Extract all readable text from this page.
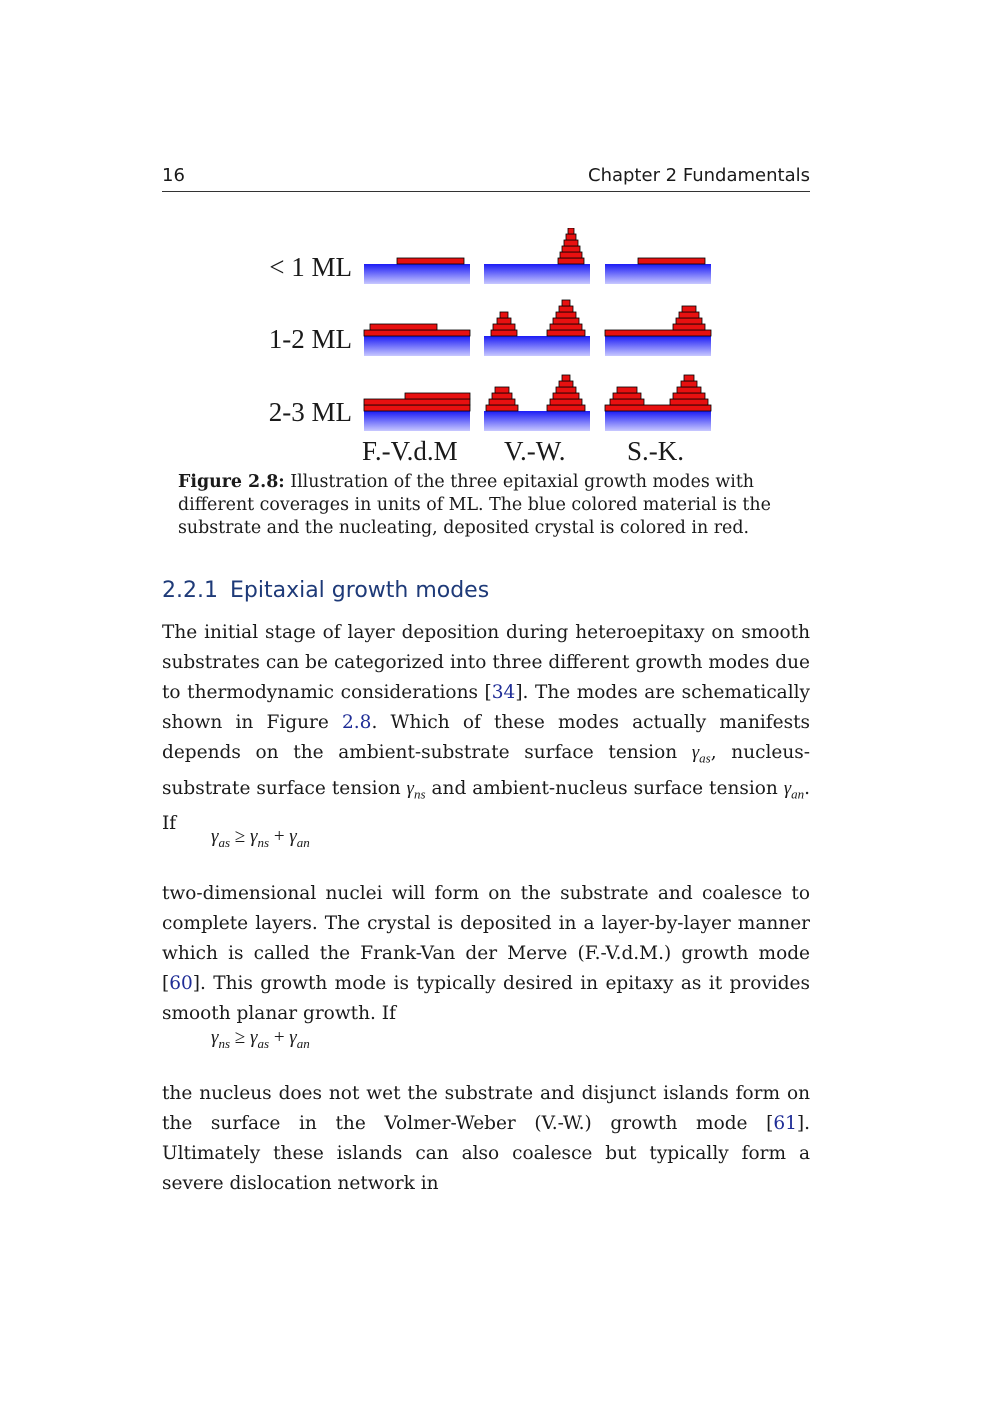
16	Chapter 2 Fundamentals
< 1 ML
1-2 ML
2-3 ML
F.-V.d.M V.-W. S.-K.
Figure 2.8: Illustration of the three epitaxial growth modes with different coverages in units of ML. The blue colored material is the substrate and the nucleating, deposited crystal is colored in red.
2.2.1 Epitaxial growth modes
The initial stage of layer deposition during heteroepitaxy on smooth substrates can be categorized into three different growth modes due to thermodynamic considerations [34]. The modes are schematically shown in Figure 2.8. Which of these modes actually manifests depends on the ambient-substrate surface tension $\gamma_{as}$, nucleus-substrate surface tension $\gamma_{ns}$ and ambient-nucleus surface tension $\gamma_{an}$. If
$\gamma_{as} \ge \gamma_{ns} + \gamma_{an}$
two-dimensional nuclei will form on the substrate and coalesce to complete layers. The crystal is deposited in a layer-by-layer manner which is called the Frank-Van der Merve (F.-V.d.M.) growth mode [60]. This growth mode is typically desired in epitaxy as it provides smooth planar growth. If
$\gamma_{ns} \ge \gamma_{as} + \gamma_{an}$
the nucleus does not wet the substrate and disjunct islands form on the surface in the Volmer-Weber (V.-W.) growth mode [61]. Ultimately these islands can also coalesce but typically form a severe dislocation network in
